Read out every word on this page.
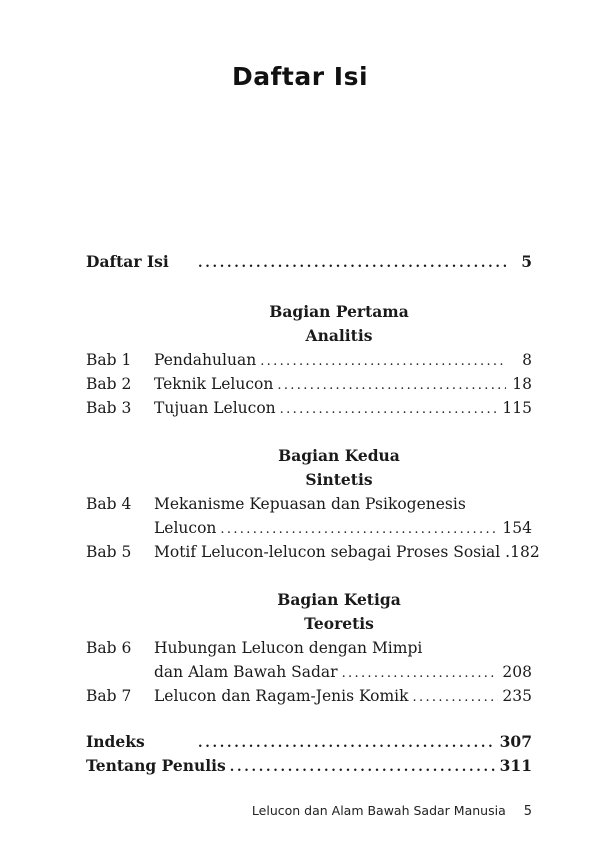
Daftar Isi
Daftar Isi . . .	5
Bagian Pertama
Analitis
Bab 1	Pendahuluan . . .	8
Bab 2	Teknik Lelucon . . .	18
Bab 3	Tujuan Lelucon . . .	115
Bagian Kedua
Sintetis
Bab 4	Mekanisme Kepuasan dan Psikogenesis
Lelucon . . .	154
Bab 5	Motif Lelucon-lelucon sebagai Proses Sosial . 182
Bagian Ketiga
Teoretis
Bab 6	Hubungan Lelucon dengan Mimpi
dan Alam Bawah Sadar . . .	208
Bab 7	Lelucon dan Ragam-Jenis Komik . . .	235
Indeks . . .	307
Tentang Penulis . . .	311
Lelucon dan Alam Bawah Sadar Manusia 5
